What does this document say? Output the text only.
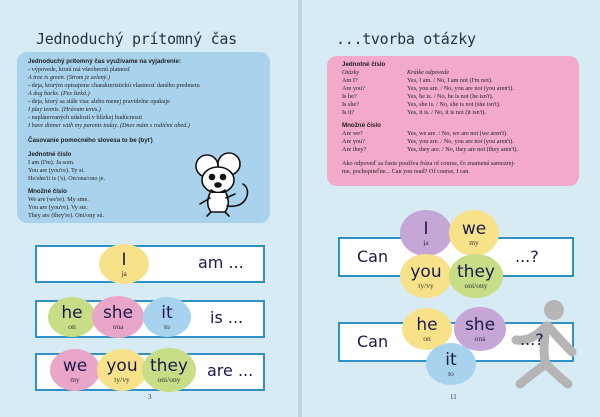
Jednoduchý prítomný čas
Jednoduchý prítomný čas využívame na vyjadrenie:
- výpovede, ktorá má všeobecnú platnosť
A tree is green. (Strom je zelený.)
- deja, ktorým opisujeme charakteristickú vlastnosť daného predmetu
A dog barks. (Pes šteká.)
- deja, ktorý sa stále viac alebo menej pravidelne opakuje
I play tennis. (Hrávam tenis.)
- naplánovaných udalostí v blízkej budúcnosti
I have dinner with my parents today. (Dnes mám s rodičmi obed.)
Časovanie pomocného slovesa to be (byť)
Jednotné číslo
I am (I'm). Ja som.
You are (you're). Ty si.
He/she/it is ('s). On/ona/ono je.
Množné číslo
We are (we're). My sme.
You are (you're). Vy ste.
They are (they're). Oni/ony sú.
I
ja
am ...
he
on
she
ona
it
to	is ...
we
my
you
ty/vy
they
oni/ony are ...
3
...tvorba otázky
Jednotné číslo
Otázky	Krátke odpovede
Am I?	Yes, I am. / No, I am not (I'm not).
Are you?	Yes, you are. / No, you are not (you aren't).
Is he?	Yes, he is. / No, he is not (he isn't).
Is she?	Yes, she is. / No, she is not (she isn't).
Is it?	Yes, it is. / No, it is not (it isn't).
Množné číslo
Are we?	Yes, we are. / No, we are not (we aren't).
Are you?	Yes, you are. / No, you are not (you aren't).
Are they?	Yes, they are. / No, they are not (they aren't).
Ako odpoveď sa často používa fráza of course, čo znamená samozrej-
me, pochopiteľne... Can you read? Of course, I can.
Can
I
ja
we
my
you
ty/vy
they
oni/ony
...?
Can
he
on
she
ona
it
to
...?
11
